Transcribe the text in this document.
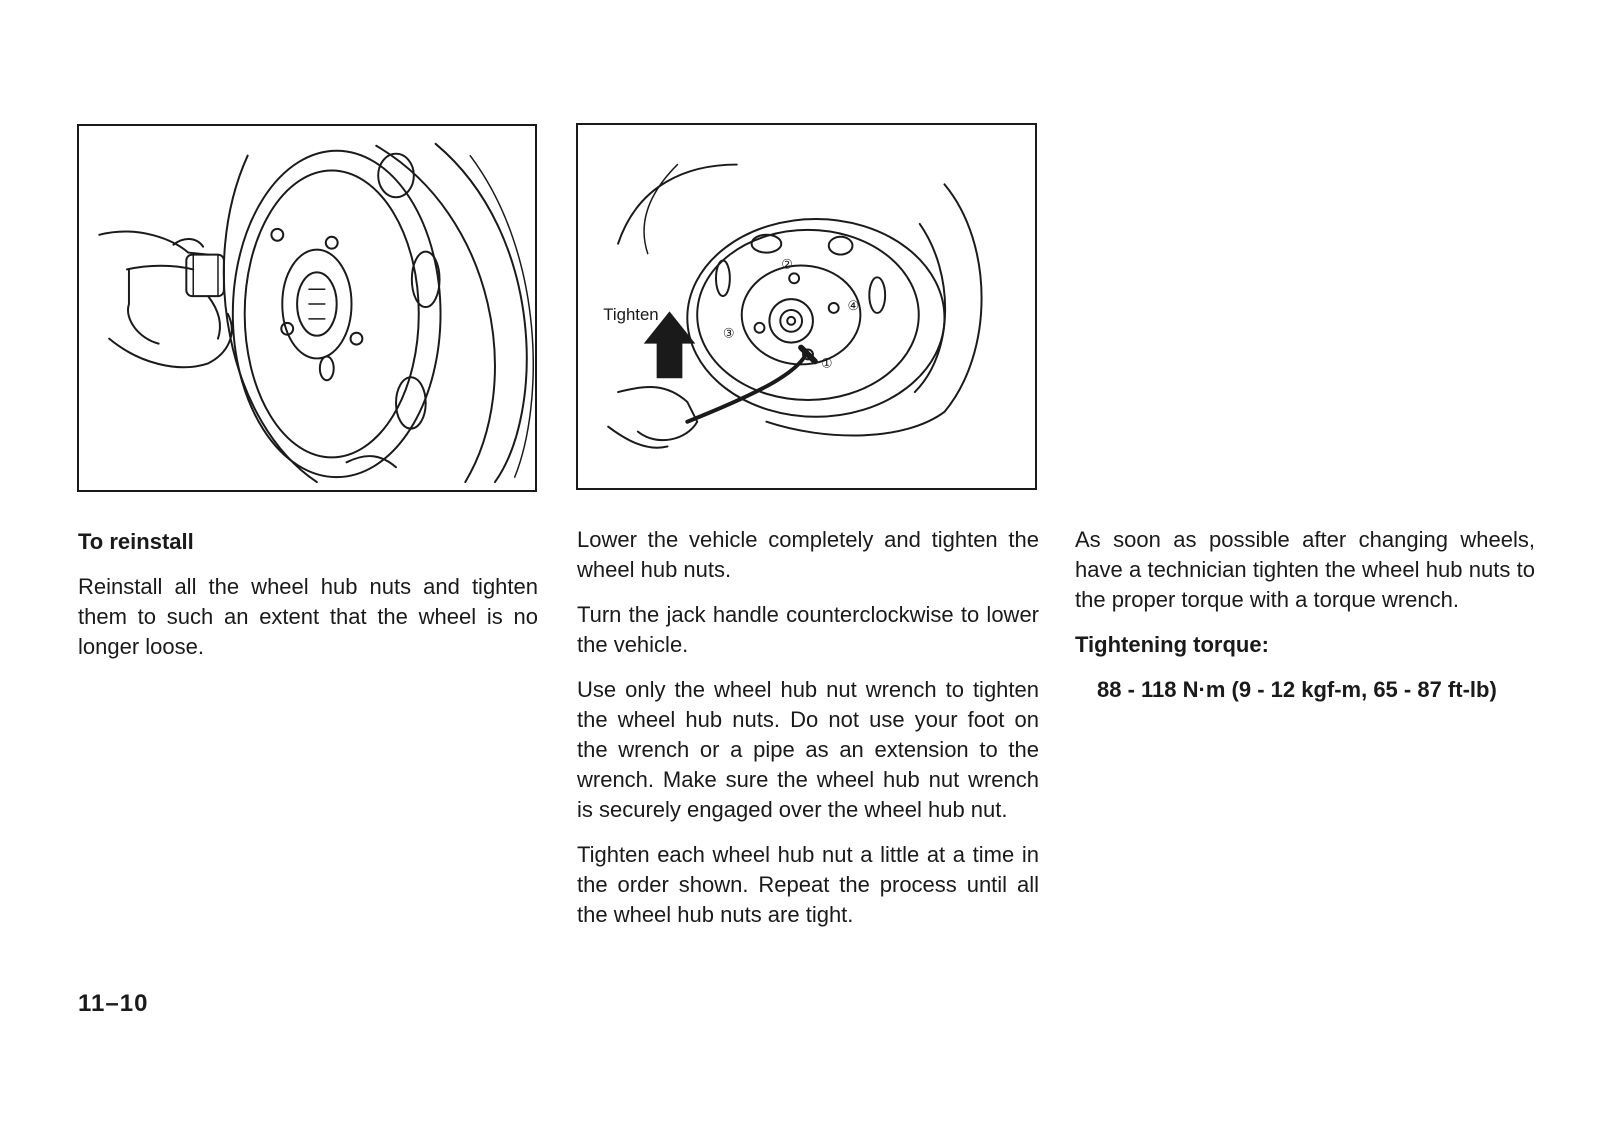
Tighten
②
④
③
①

To reinstall

Reinstall all the wheel hub nuts and tighten them to such an extent that the wheel is no longer loose.

Lower the vehicle completely and tighten the wheel hub nuts.

Turn the jack handle counterclockwise to lower the vehicle.

Use only the wheel hub nut wrench to tighten the wheel hub nuts. Do not use your foot on the wrench or a pipe as an extension to the wrench. Make sure the wheel hub nut wrench is securely engaged over the wheel hub nut.

Tighten each wheel hub nut a little at a time in the order shown. Repeat the process until all the wheel hub nuts are tight.

As soon as possible after changing wheels, have a technician tighten the wheel hub nuts to the proper torque with a torque wrench.

Tightening torque:

88 - 118 N·m (9 - 12 kgf-m, 65 - 87 ft-lb)

11–10
